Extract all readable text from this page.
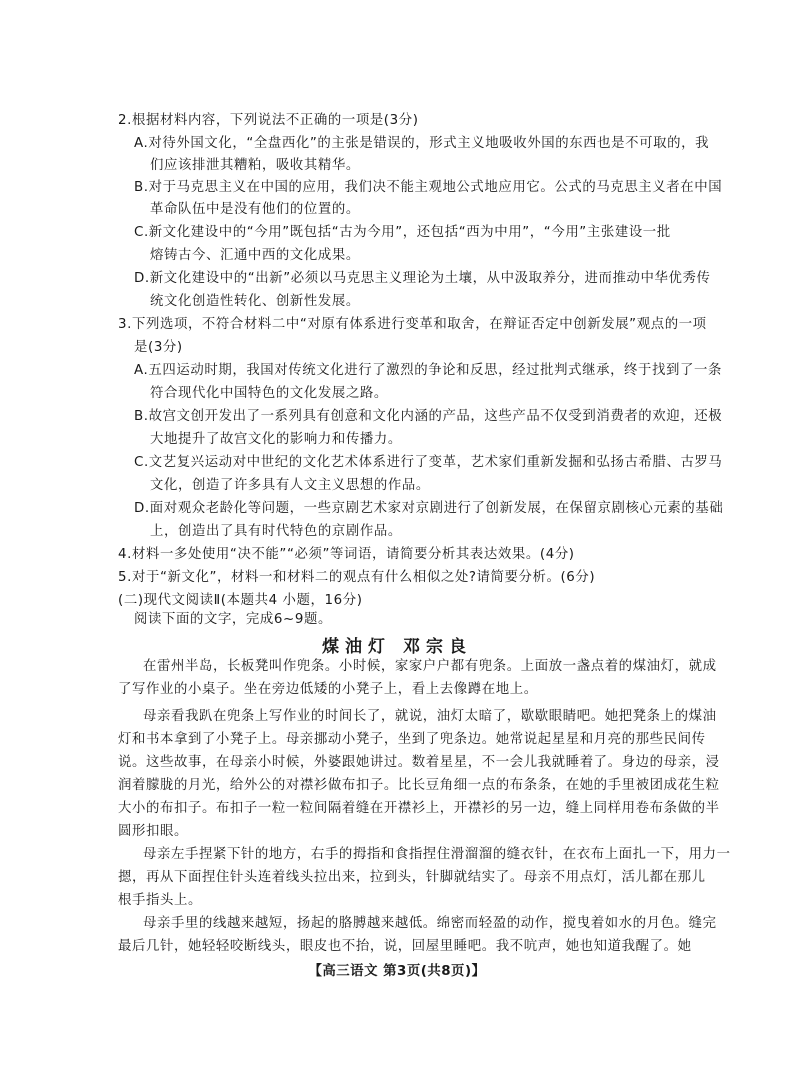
2.根据材料内容，下列说法不正确的一项是(3分)
A.对待外国文化，“全盘西化”的主张是错误的，形式主义地吸收外国的东西也是不可取的，我
们应该排泄其糟粕，吸收其精华。
B.对于马克思主义在中国的应用，我们决不能主观地公式地应用它。公式的马克思主义者在中国
革命队伍中是没有他们的位置的。
C.新文化建设中的“今用”既包括“古为今用”，还包括“西为中用”，“今用”主张建设一批
熔铸古今、汇通中西的文化成果。
D.新文化建设中的“出新”必须以马克思主义理论为土壤，从中汲取养分，进而推动中华优秀传
统文化创造性转化、创新性发展。
3.下列选项，不符合材料二中“对原有体系进行变革和取舍，在辩证否定中创新发展”观点的一项
是(3分)
A.五四运动时期，我国对传统文化进行了激烈的争论和反思，经过批判式继承，终于找到了一条
符合现代化中国特色的文化发展之路。
B.故宫文创开发出了一系列具有创意和文化内涵的产品，这些产品不仅受到消费者的欢迎，还极
大地提升了故宫文化的影响力和传播力。
C.文艺复兴运动对中世纪的文化艺术体系进行了变革，艺术家们重新发掘和弘扬古希腊、古罗马
文化，创造了许多具有人文主义思想的作品。
D.面对观众老龄化等问题，一些京剧艺术家对京剧进行了创新发展，在保留京剧核心元素的基础
上，创造出了具有时代特色的京剧作品。
4.材料一多处使用“决不能”“必须”等词语，请简要分析其表达效果。(4分)
5.对于“新文化”，材料一和材料二的观点有什么相似之处?请简要分析。(6分)
(二)现代文阅读Ⅱ(本题共4 小题，16分)
阅读下面的文字，完成6~9题。
煤油灯 邓宗良
在雷州半岛，长板凳叫作兜条。小时候，家家户户都有兜条。上面放一盏点着的煤油灯，就成
了写作业的小桌子。坐在旁边低矮的小凳子上，看上去像蹲在地上。
母亲看我趴在兜条上写作业的时间长了，就说，油灯太暗了，歇歇眼睛吧。她把凳条上的煤油
灯和书本拿到了小凳子上。母亲挪动小凳子，坐到了兜条边。她常说起星星和月亮的那些民间传
说。这些故事，在母亲小时候，外婆跟她讲过。数着星星，不一会儿我就睡着了。身边的母亲，浸
润着朦胧的月光，给外公的对襟衫做布扣子。比长豆角细一点的布条条，在她的手里被团成花生粒
大小的布扣子。布扣子一粒一粒间隔着缝在开襟衫上，开襟衫的另一边，缝上同样用卷布条做的半
圆形扣眼。
母亲左手捏紧下针的地方，右手的拇指和食指捏住滑溜溜的缝衣针，在衣布上面扎一下，用力一
摁，再从下面捏住针头连着线头拉出来，拉到头，针脚就结实了。母亲不用点灯，活儿都在那儿
根手指头上。
母亲手里的线越来越短，扬起的胳膊越来越低。绵密而轻盈的动作，搅曳着如水的月色。缝完
最后几针，她轻轻咬断线头，眼皮也不抬，说，回屋里睡吧。我不吭声，她也知道我醒了。她
【高三语文 第3页(共8页)】
